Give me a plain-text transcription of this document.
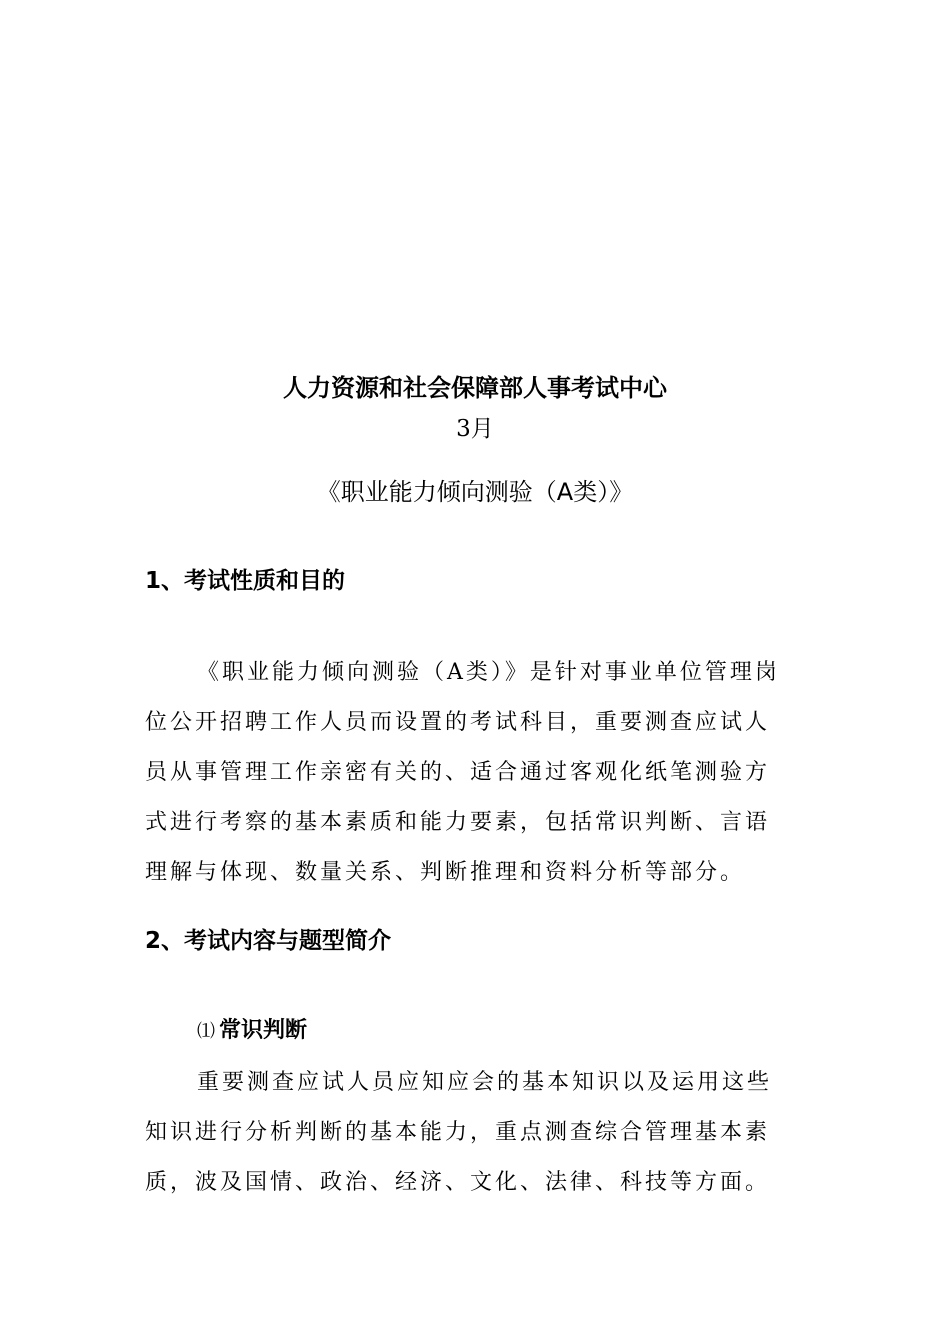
人力资源和社会保障部人事考试中心
3月
《职业能力倾向测验（A类）》
1、考试性质和目的
《职业能力倾向测验（A类）》是针对事业单位管理岗
位公开招聘工作人员而设置的考试科目，重要测查应试人
员从事管理工作亲密有关的、适合通过客观化纸笔测验方
式进行考察的基本素质和能力要素，包括常识判断、言语
理解与体现、数量关系、判断推理和资料分析等部分。
2、考试内容与题型简介
⑴ 常识判断
重要测查应试人员应知应会的基本知识以及运用这些
知识进行分析判断的基本能力，重点测查综合管理基本素
质，波及国情、政治、经济、文化、法律、科技等方面。
